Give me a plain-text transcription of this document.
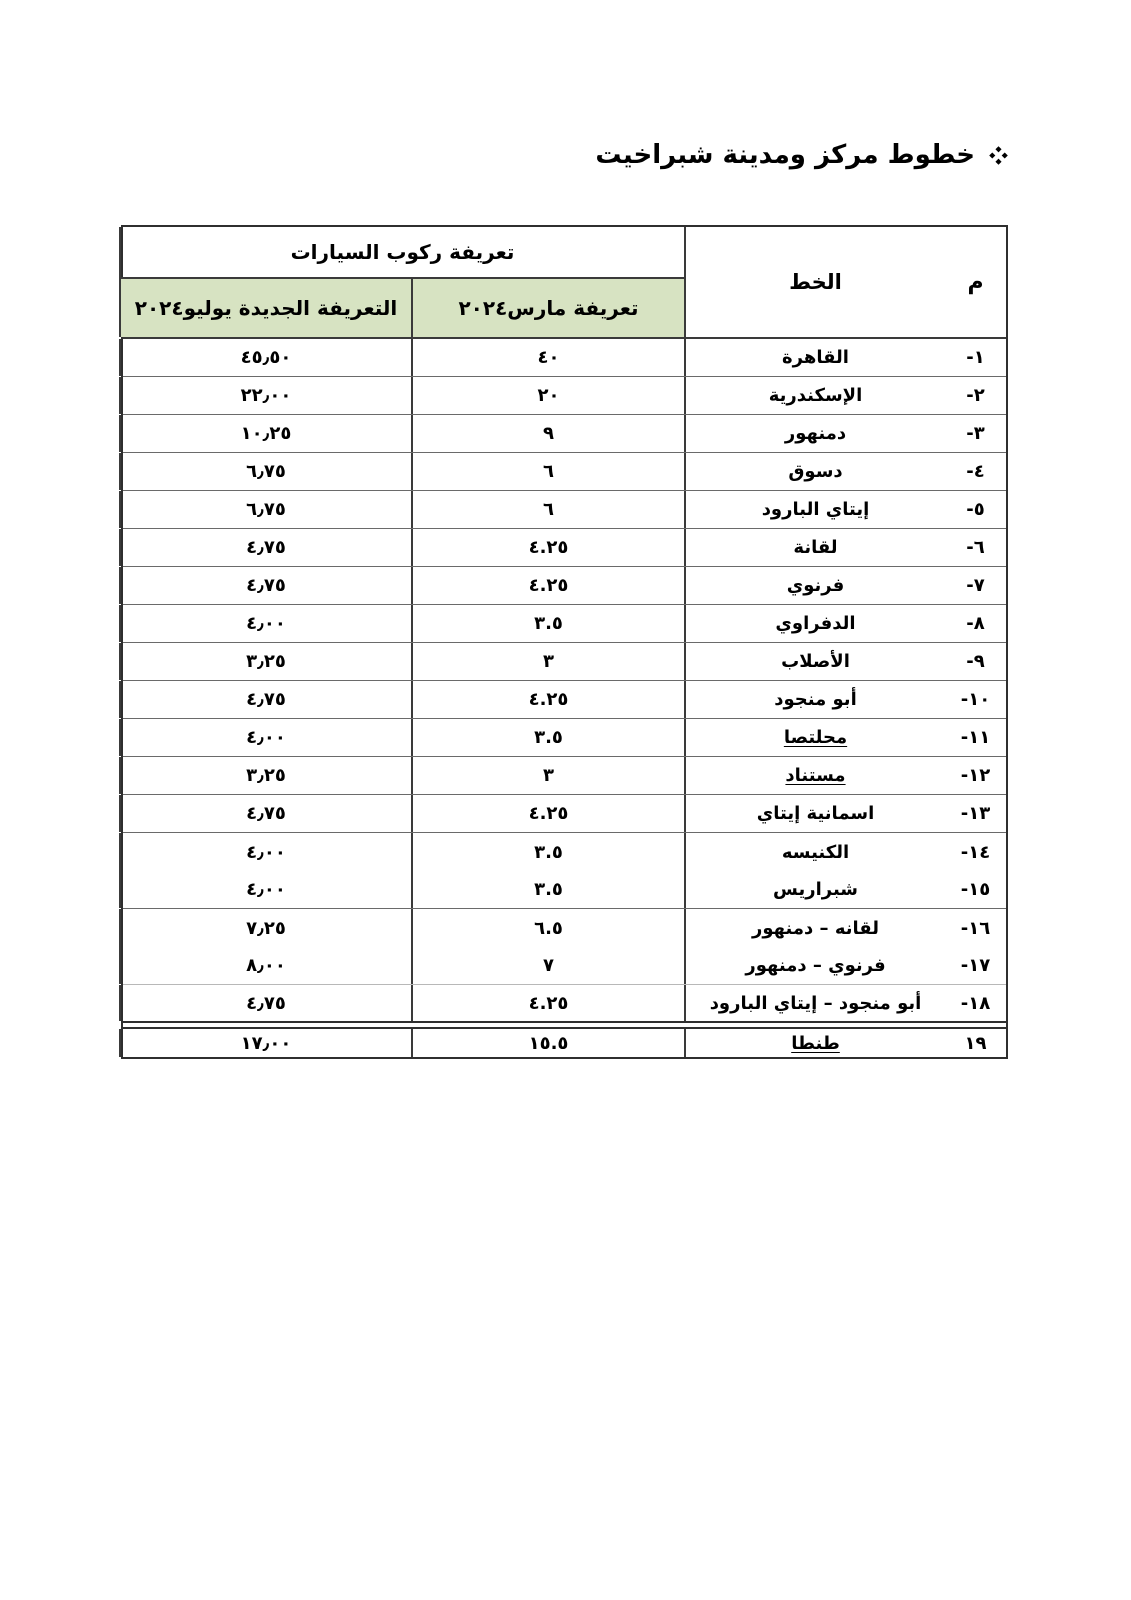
خطوط مركز ومدينة شبراخيت
م
الخط
تعريفة ركوب السيارات
تعريفة مارس٢٠٢٤
التعريفة الجديدة يوليو٢٠٢٤
١-
القاهرة
٤٠
٤٥٫٥٠
٢-
الإسكندرية
٢٠
٢٢٫٠٠
٣-
دمنهور
٩
١٠٫٢٥
٤-
دسوق
٦
٦٫٧٥
٥-
إيتاي البارود
٦
٦٫٧٥
٦-
لقانة
٤.٢٥
٤٫٧٥
٧-
فرنوي
٤.٢٥
٤٫٧٥
٨-
الدفراوي
٣.٥
٤٫٠٠
٩-
الأصلاب
٣
٣٫٢٥
١٠-
أبو منجود
٤.٢٥
٤٫٧٥
١١-
محلتصا
٣.٥
٤٫٠٠
١٢-
مستناد
٣
٣٫٢٥
١٣-
اسمانية إيتاي
٤.٢٥
٤٫٧٥
١٤-
الكنيسه
٣.٥
٤٫٠٠
١٥-
شبراريس
٣.٥
٤٫٠٠
١٦-
لقانه – دمنهور
٦.٥
٧٫٢٥
١٧-
فرنوي – دمنهور
٧
٨٫٠٠
١٨-
أبو منجود – إيتاي البارود
٤.٢٥
٤٫٧٥
١٩
طنطا
١٥.٥
١٧٫٠٠
